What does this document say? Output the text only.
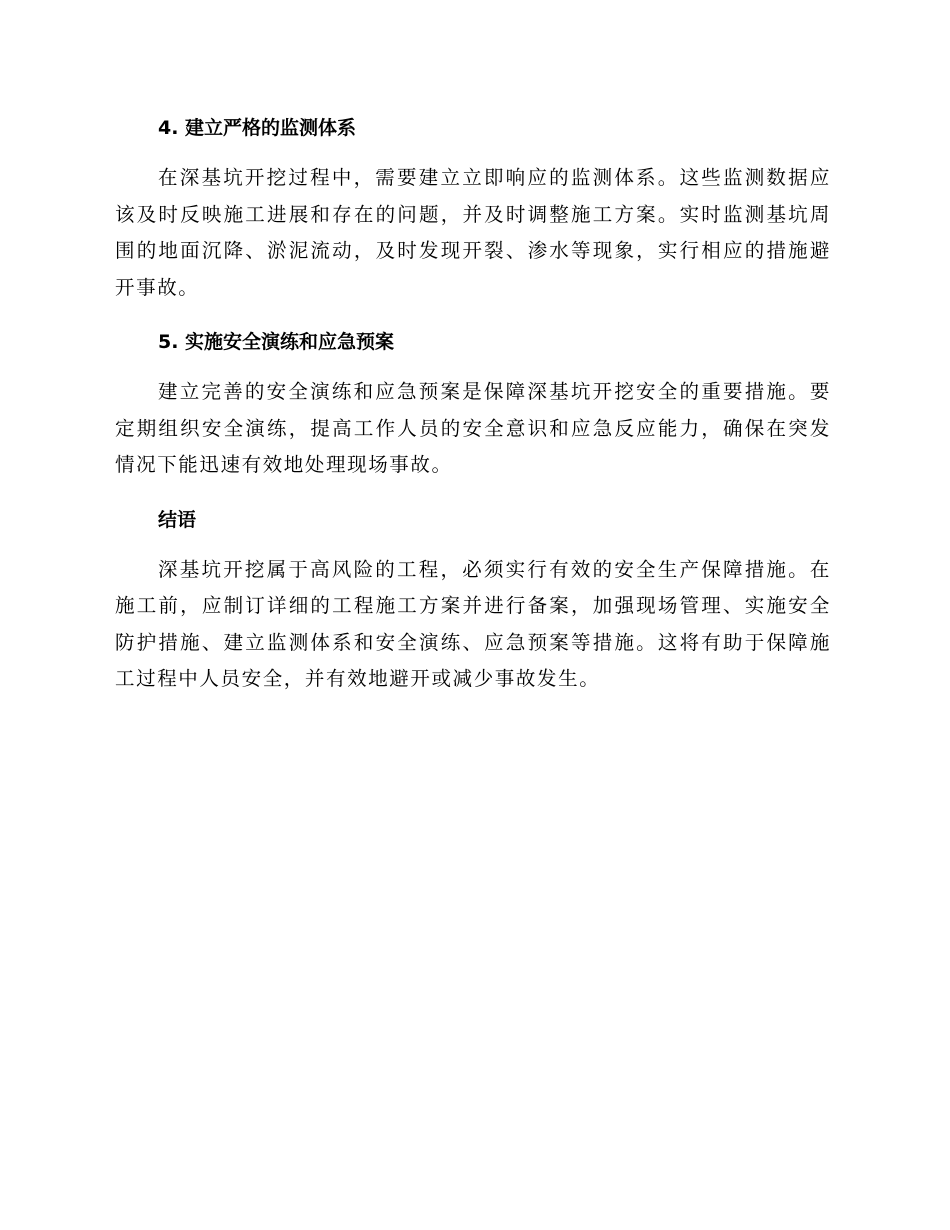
4. 建立严格的监测体系

在深基坑开挖过程中，需要建立立即响应的监测体系。这些监测数据应该及时反映施工进展和存在的问题，并及时调整施工方案。实时监测基坑周围的地面沉降、淤泥流动，及时发现开裂、渗水等现象，实行相应的措施避开事故。

5. 实施安全演练和应急预案

建立完善的安全演练和应急预案是保障深基坑开挖安全的重要措施。要定期组织安全演练，提高工作人员的安全意识和应急反应能力，确保在突发情况下能迅速有效地处理现场事故。

结语

深基坑开挖属于高风险的工程，必须实行有效的安全生产保障措施。在施工前，应制订详细的工程施工方案并进行备案，加强现场管理、实施安全防护措施、建立监测体系和安全演练、应急预案等措施。这将有助于保障施工过程中人员安全，并有效地避开或减少事故发生。
